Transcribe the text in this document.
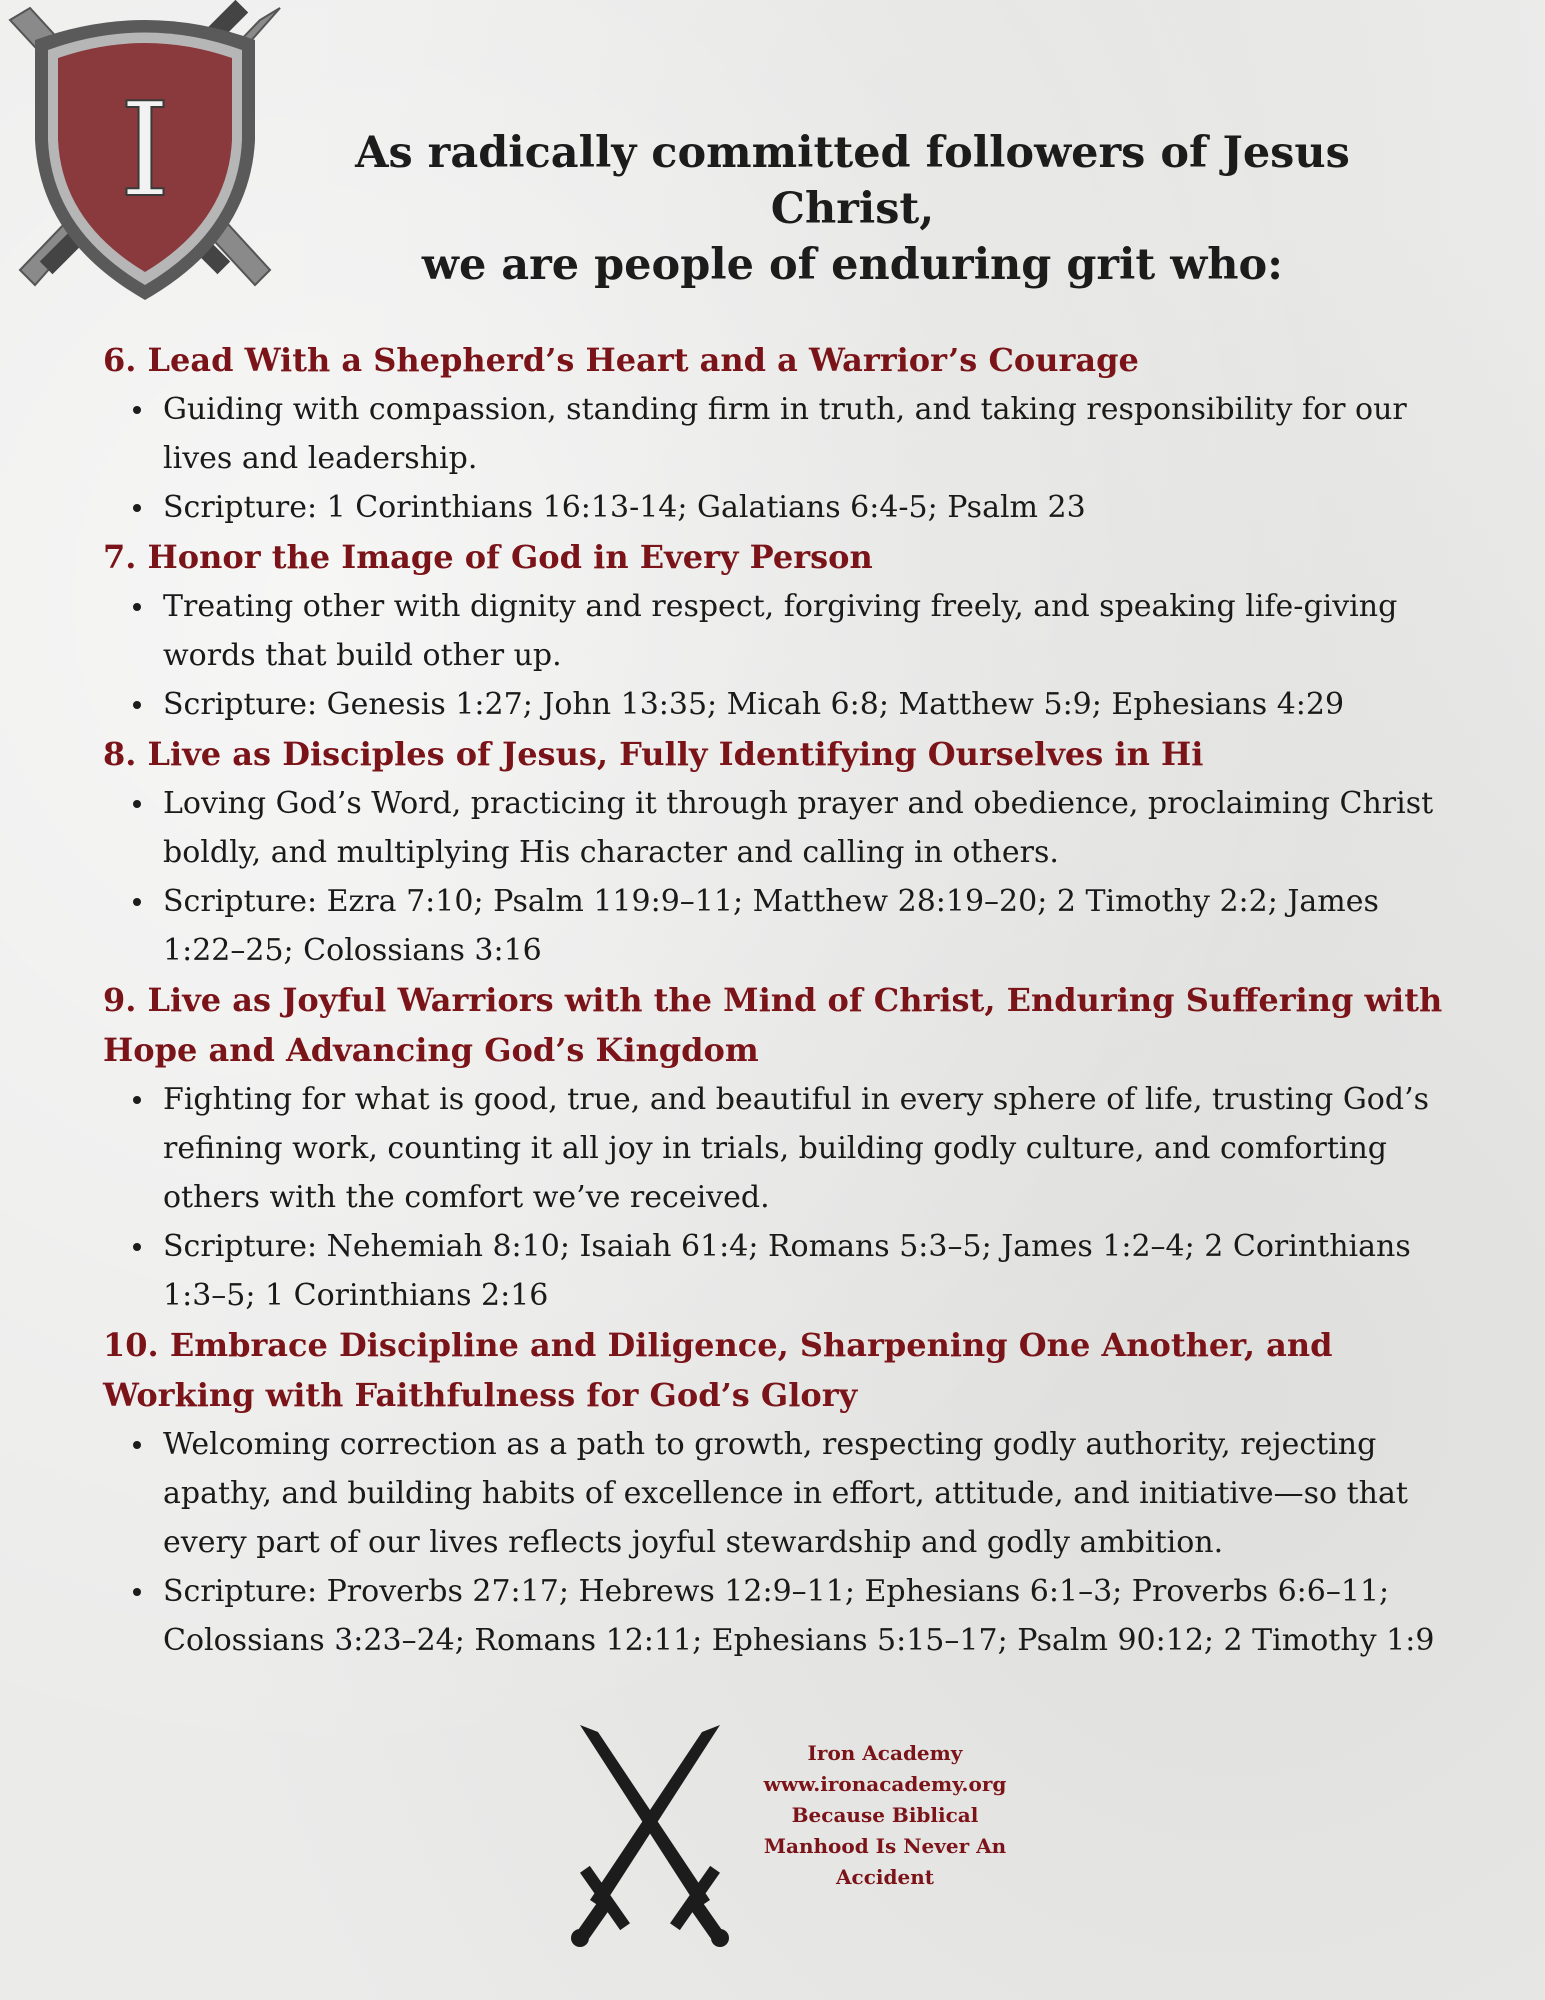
I	As radically committed followers of Jesus Christ,
we are people of enduring grit who:

6. Lead With a Shepherd’s Heart and a Warrior’s Courage

Guiding with compassion, standing firm in truth, and taking responsibility for our lives and leadership.
Scripture: 1 Corinthians 16:13-14; Galatians 6:4-5; Psalm 23

7. Honor the Image of God in Every Person

Treating other with dignity and respect, forgiving freely, and speaking life-giving words that build other up.
Scripture: Genesis 1:27; John 13:35; Micah 6:8; Matthew 5:9; Ephesians 4:29

8. Live as Disciples of Jesus, Fully Identifying Ourselves in Hi

Loving God’s Word, practicing it through prayer and obedience, proclaiming Christ boldly, and multiplying His character and calling in others.
Scripture: Ezra 7:10; Psalm 119:9–11; Matthew 28:19–20; 2 Timothy 2:2; James 1:22–25; Colossians 3:16

9. Live as Joyful Warriors with the Mind of Christ, Enduring Suffering with Hope and Advancing God’s Kingdom

Fighting for what is good, true, and beautiful in every sphere of life, trusting God’s refining work, counting it all joy in trials, building godly culture, and comforting others with the comfort we’ve received.
Scripture: Nehemiah 8:10; Isaiah 61:4; Romans 5:3–5; James 1:2–4; 2 Corinthians 1:3–5; 1 Corinthians 2:16

10. Embrace Discipline and Diligence, Sharpening One Another, and Working with Faithfulness for God’s Glory

Welcoming correction as a path to growth, respecting godly authority, rejecting apathy, and building habits of excellence in effort, attitude, and initiative—so that every part of our lives reflects joyful stewardship and godly ambition.
Scripture: Proverbs 27:17; Hebrews 12:9–11; Ephesians 6:1–3; Proverbs 6:6–11; Colossians 3:23–24; Romans 12:11; Ephesians 5:15–17; Psalm 90:12; 2 Timothy 1:9
Iron Academy
www.ironacademy.org
Because Biblical
Manhood Is Never An
Accident
